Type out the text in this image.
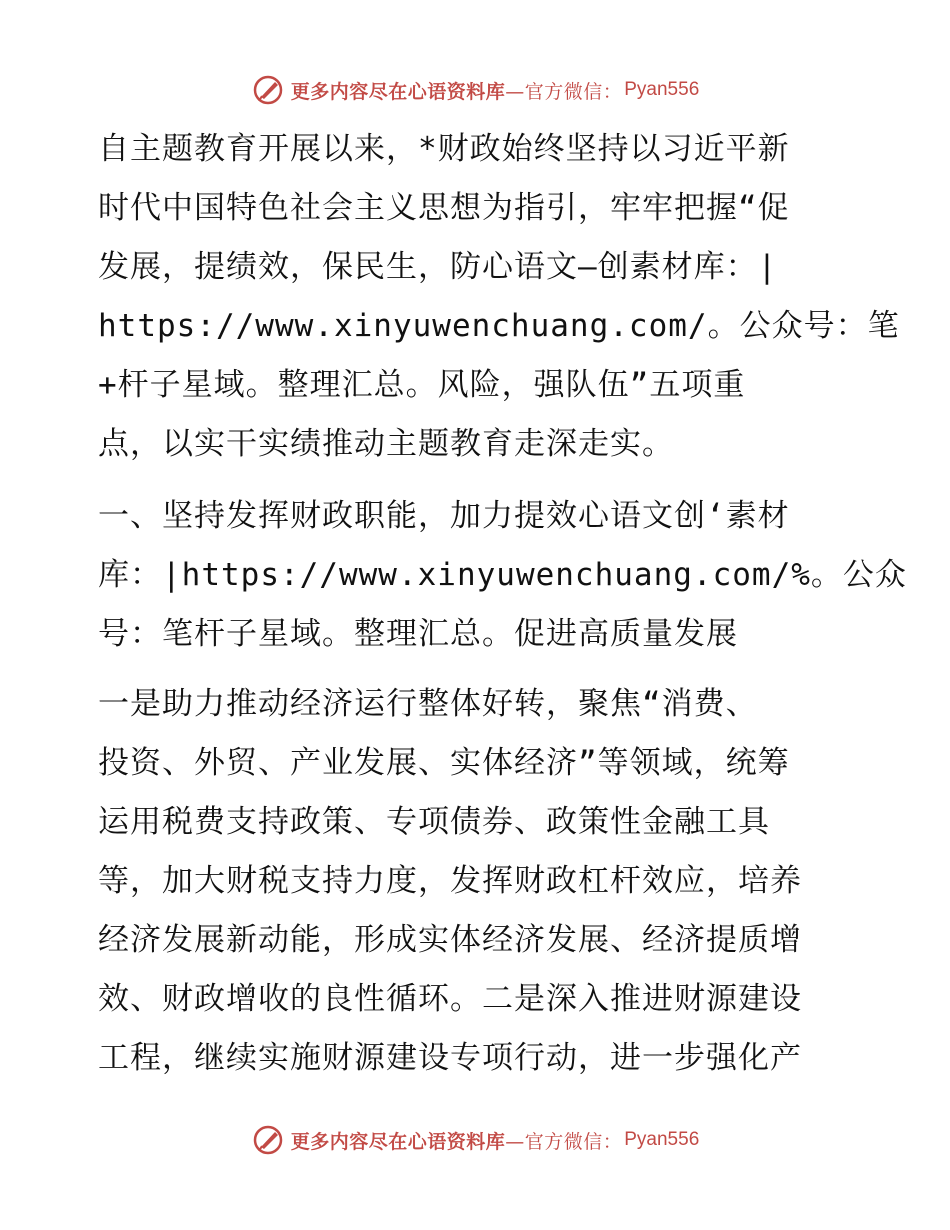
更多内容尽在心语资料库 —官方微信： Pyan556
自主题教育开展以来，*财政始终坚持以习近平新
时代中国特色社会主义思想为指引，牢牢把握“促
发展，提绩效，保民生，防心语文—创素材库：|
https://www.xinyuwenchuang.com/。公众号：笔
+杆子星域。整理汇总。风险，强队伍”五项重
点，以实干实绩推动主题教育走深走实。
一、坚持发挥财政职能，加力提效心语文创‘素材
库：|https://www.xinyuwenchuang.com/%。公众
号：笔杆子星域。整理汇总。促进高质量发展
一是助力推动经济运行整体好转，聚焦“消费、
投资、外贸、产业发展、实体经济”等领域，统筹
运用税费支持政策、专项债券、政策性金融工具
等，加大财税支持力度，发挥财政杠杆效应，培养
经济发展新动能，形成实体经济发展、经济提质增
效、财政增收的良性循环。二是深入推进财源建设
工程，继续实施财源建设专项行动，进一步强化产
更多内容尽在心语资料库 —官方微信： Pyan556
